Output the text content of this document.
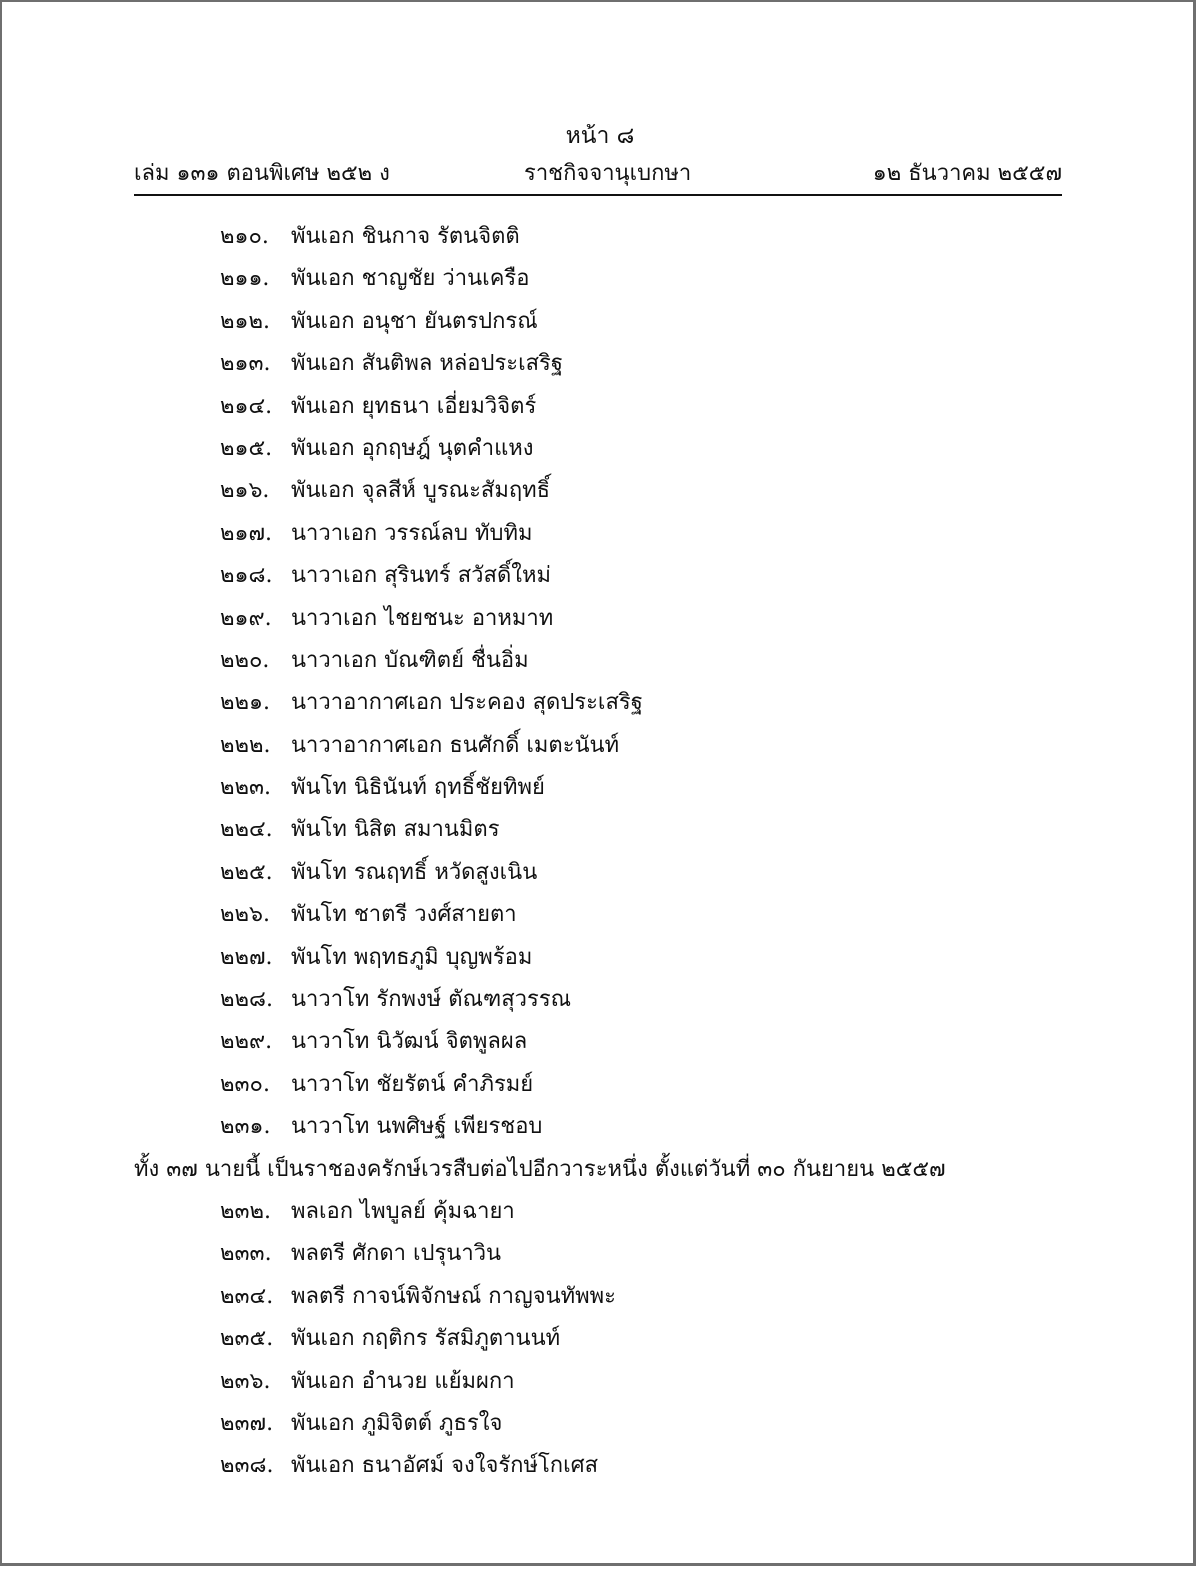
หน้า ๘
เล่ม ๑๓๑ ตอนพิเศษ ๒๕๒ ง	ราชกิจจานุเบกษา	๑๒ ธันวาคม ๒๕๕๗
๒๑๐. พันเอก ชินกาจ รัตนจิตติ
๒๑๑. พันเอก ชาญชัย ว่านเครือ
๒๑๒. พันเอก อนุชา ยันตรปกรณ์
๒๑๓. พันเอก สันติพล หล่อประเสริฐ
๒๑๔. พันเอก ยุทธนา เอี่ยมวิจิตร์
๒๑๕. พันเอก อุกฤษฎ์ นุตคำแหง
๒๑๖. พันเอก จุลสีห์ บูรณะสัมฤทธิ์
๒๑๗. นาวาเอก วรรณ์ลบ ทับทิม
๒๑๘. นาวาเอก สุรินทร์ สวัสดิ์ใหม่
๒๑๙. นาวาเอก ไชยชนะ อาหมาท
๒๒๐. นาวาเอก บัณฑิตย์ ชื่นอิ่ม
๒๒๑. นาวาอากาศเอก ประคอง สุดประเสริฐ
๒๒๒. นาวาอากาศเอก ธนศักดิ์ เมตะนันท์
๒๒๓. พันโท นิธินันท์ ฤทธิ์ชัยทิพย์
๒๒๔. พันโท นิสิต สมานมิตร
๒๒๕. พันโท รณฤทธิ์ หวัดสูงเนิน
๒๒๖. พันโท ชาตรี วงศ์สายตา
๒๒๗. พันโท พฤทธภูมิ บุญพร้อม
๒๒๘. นาวาโท รักพงษ์ ตัณฑสุวรรณ
๒๒๙. นาวาโท นิวัฒน์ จิตพูลผล
๒๓๐. นาวาโท ชัยรัตน์ คำภิรมย์
๒๓๑. นาวาโท นพศิษฐ์ เพียรชอบ
ทั้ง ๓๗ นายนี้ เป็นราชองครักษ์เวรสืบต่อไปอีกวาระหนึ่ง ตั้งแต่วันที่ ๓๐ กันยายน ๒๕๕๗
๒๓๒. พลเอก ไพบูลย์ คุ้มฉายา
๒๓๓. พลตรี ศักดา เปรุนาวิน
๒๓๔. พลตรี กาจน์พิจักษณ์ กาญจนทัพพะ
๒๓๕. พันเอก กฤติกร รัสมิภูตานนท์
๒๓๖. พันเอก อำนวย แย้มผกา
๒๓๗. พันเอก ภูมิจิตต์ ภูธรใจ
๒๓๘. พันเอก ธนาอัศม์ จงใจรักษ์โกเศส
